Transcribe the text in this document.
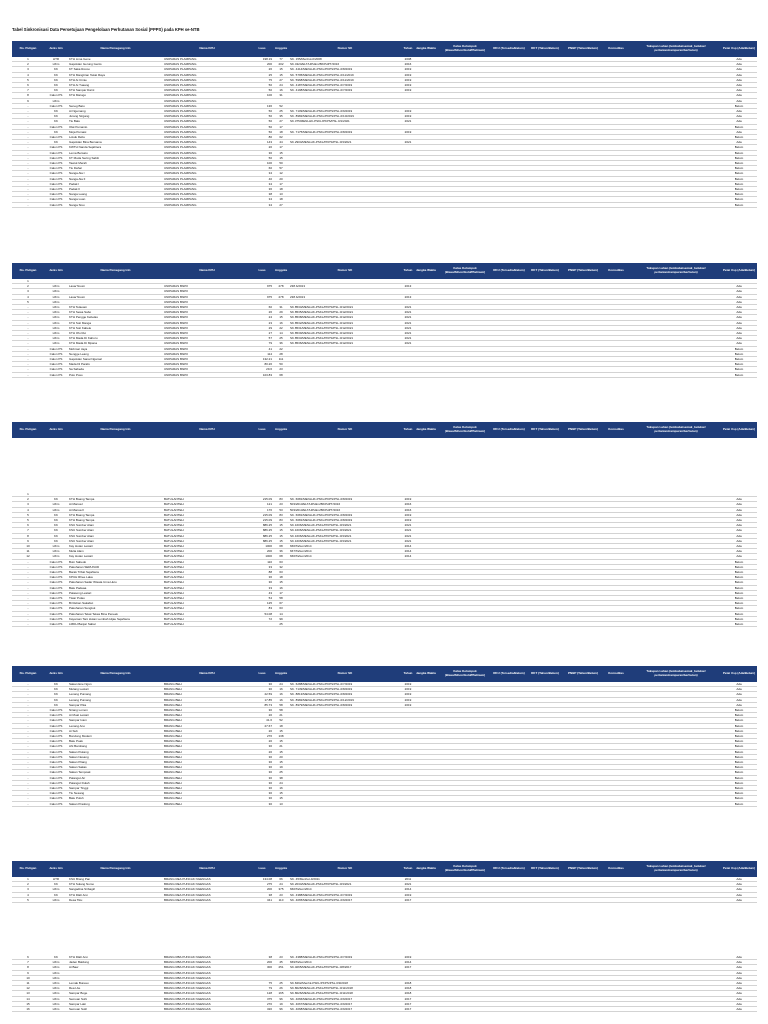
Tabel Sinkronisasi Data Persetujuan Pengelolaan Perhutanan Sosial (PPPS) pada KPH se-NTB
No. Putigan	Jenis Izin	Nama Pemegang Izin	Nama KPH	Luas	Anggota	Nomor SK	Tahun	Jangka Waktu	Kelas Kelompok (Biasa/Sihon/Gold/Platinum)	RKU (Tersedia/Belum)	RKT (Tahun/Belum)	PNBP (Tahun/Belum)	Komoditas	Tukupan Lahan (lembaba/semak_belukar/ pertanian/campuran/berhutan)	Peta/ Usp (Ada/Belum)
1	HTR	KTH Lima Gene	UNIPARAS PLAMPANG	198.19	77	SK. 155/Menhut-II/2008	2008								Ada
2	HKm	Gapoktan Gerung Gents	UNIPARAS PLAMPANG	200	202	SK.4324/ELT/HPHkm/BKPHPT/2016	2016								Ada
3	KK	KT Saka Rocoo	UNIPARAS PLAMPANG	26	15	SK. 4414/MENLHK-PSKL/PKPS/PSL.0/8/2019	2019								Ada
4	KK	KTH Mangtiran Tekat Raya	UNIPARAS PLAMPANG	25	15	SK. 5795/MENLHK-PSKL/PKPS/PSL.0/11/2019	2019								Ada
5	KK	KTH Ai Cimie	UNIPARAS PLAMPANG	75	27	SK. 5968/MENLHK-PSKL/PKPS/PSL.0/11/2019	2019								Ada
6	KK	KTH Ai Tuaang	UNIPARAS PLAMPANG	50	24	SK. 4187/MENLHK-PSKL/PKPS/PSL.0/7/2019	2019								Ada
7	KK	KTH Sampar Darni	UNIPARAS PLAMPANG	50	16	SK. 4198/MENLHK-PSKL/PKPS/PSL.0/7/2019	2019								Ada
8	Calon PS	KTH Marugo	UNIPARAS PLAMPANG	100	31										Ada
9	HKm		UNIPARAS PLAMPANG												Ada
-	Calon PS	Seneg Batu	UNIPARAS PLAMPANG	136	52										Belum
-	KK	Ai Ngemang	UNIPARAS PLAMPANG	50	25	SK. 7109/MENLHK-PSKL/PKPS/PSL.0/9/2019	2019								Ada
-	KK	Jurang Sirgang	UNIPARAS PLAMPANG	50	35	SK. 8982/MENLHK-PSKL/PKPS/PSL.0/10/2019	2019								Ada
-	KK	Tiu Batu	UNIPARAS PLAMPANG	50	27	SK.375/MENLHK-PSKL/PKPS/PSL.0/1/2021	2021								Ada
-	Calon PS	Olat Pemanto	UNIPARAS PLAMPANG	50	17										Belum
-	KK	Moja Pemasi	UNIPARAS PLAMPANG	50	18	SK. 7175/MENLHK-PSKL/PKPS/PSL.0/8/2019	2019								Ada
-	Calon PS	Lokuk Rebu	UNIPARAS PLAMPANG	80	62										Belum
-	KK	Gapoktan Bina Bersama	UNIPARAS PLAMPANG	143	44	SK.2904/MENLHK-PSKL/PKPS/PSL.0/3/2021	2021								Ada
-	Calon PS	KWTH Nanda Sejahtera	UNIPARAS PLAMPANG	20	17										Belum
-	Calon PS	Lema Bersatu	UNIPARAS PLAMPANG	30	15										Belum
-	Calon PS	KT Muda Sering Sabiti	UNIPARAS PLAMPANG	50	15										Belum
-	Calon PS	Tawuk Merah	UNIPARAS PLAMPANG	100	50										Belum
-	Calon PS	Tiu Dahar	UNIPARAS PLAMPANG	60	57										Belum
-	Calon PS	Nanga Ala I	UNIPARAS PLAMPANG	34	12										Belum
-	Calon PS	Nanga Ala II	UNIPARAS PLAMPANG	40	20										Belum
-	Calon PS	Padak I	UNIPARAS PLAMPANG	34	17										Belum
-	Calon PS	Padak II	UNIPARAS PLAMPANG	36	18										Belum
-	Calon PS	Nanga Leang	UNIPARAS PLAMPANG	38	13										Belum
-	Calon PS	Nanga Luan	UNIPARAS PLAMPANG	34	18										Belum
-	Calon PS	Nanga Sisu	UNIPARAS PLAMPANG	34	27										Belum
No. Putigan	Jenis Izin	Nama Pemegang Izin	Nama KPH	Luas	Anggota	Nomor SK	Tahun	Jangka Waktu	Kelas Kelompok (Biasa/Sihon/Gold/Platinum)	RKU (Tersedia/Belum)	RKT (Tahun/Belum)	PNBP (Tahun/Belum)	Komoditas	Tukupan Lahan (lembaba/semak_belukar/ pertanian/campuran/berhutan)	Peta/ Usp (Ada/Belum)
1															
2	HKm	Lasa/ Nuum	UNIPARAS BIWO	975	278	238.b/2013	2013								Ada
3	HKm		UNIPARAS BIWO												Ada
4	HKm	Lasa/ Nuum	UNIPARAS BIWO	975	278	238.b/2013	2013								Ada
5	HKm		UNIPARAS BIWO												Ada
-	HKm	KTH Telaoam	UNIPARAS BIWO	60	31	SK.8534/MENLHK-PSKL/PKPS/PSL.0/12/2021	2021								Ada
-	HKm	KTH Sewa Sabo	UNIPARAS BIWO	26	29	SK.8535/MENLHK-PSKL/PKPS/PSL.0/12/2021	2021								Ada
-	HKm	KTH Pengge Kebelas	UNIPARAS BIWO	24	15	SK.8538/MENLHK-PSKL/PKPS/PSL.0/12/2021	2021								Ada
-	HKm	KTH Soit Manga	UNIPARAS BIWO	23	16	SK.8532/MENLHK-PSKL/PKPS/PSL.0/12/2021	2021								Ada
-	HKm	KTH Soit Kabele	UNIPARAS BIWO	29	22	SK.8531/MENLHK-PSKL/PKPS/PSL.0/12/2021	2021								Ada
-	HKm	KTH Ofu Rui	UNIPARAS BIWO	27	14	SK.8539/MENLHK-PSKL/PKPS/PSL.0/12/2021	2021								Ada
-	HKm	KTH Mada Di Kahuru	UNIPARAS BIWO	57	25	SK.8533/MENLHK-PSKL/PKPS/PSL.0/12/2021	2021								Ada
-	HKm	KTH Mada Di Mpana	UNIPARAS BIWO	79	36	SK.8536/MENLHK-PSKL/PKPS/PSL.0/12/2021	2021								Ada
-	Calon PS	Mobmar Jaya	UNIPARAS BIWO	41	22										Belum
-	Calon PS	Nengge Leang	UNIPARAS BIWO	114	28										Belum
-	Calon PS	Gapoktan Sanai Ngamal	UNIPARAS BIWO	132.21	111										Belum
-	Calon PS	Mada Di Parafu	UNIPARAS BIWO	80.26	50										Belum
-	Calon PS	Sa Sabeda	UNIPARAS BIWO	29.6	23										Belum
-	Calon PS	Polo Poso	UNIPARAS BIWO	103.83	68										Belum
No. Putigan	Jenis Izin	Nama Pemegang Izin	Nama KPH	Luas	Anggota	Nomor SK	Tahun	Jangka Waktu	Kelas Kelompok (Biasa/Sihon/Gold/Platinum)	RKU (Tersedia/Belum)	RKT (Tahun/Belum)	PNBP (Tahun/Belum)	Komoditas	Tukupan Lahan (lembaba/semak_belukar/ pertanian/campuran/berhutan)	Peta/ Usp (Ada/Belum)

1															
2	KK	KTH Boang Tampa	BATULANTEH	215.09	83	SK. 6681/MENLHK-PSKL/PKPS/PSL.0/8/2019	2019								Ada
3	HKm	Ai Mansa I	BATULANTEH	121	23	503/2013/ELT/HPHkm/BKPHPT/2016	2016								Ada
4	HKm	Ai Mansa II	BATULANTEH	176	53	503/2013/ELT/HPHkm/BKPHPT/2016	2016								Ada
5	KK	KTH Boang Tampa	BATULANTEH	215.09	83	SK. 6681/MENLHK-PSKL/PKPS/PSL.0/8/2019	2019								Ada
5	KK	KTH Boang Tampa	BATULANTEH	215.09	83	SK. 6681/MENLHK-PSKL/PKPS/PSL.0/8/2019	2019								Ada
6	KK	KSU Sumber Alam	BATULANTEH	886.25	15	SK.1606/MENLHK-PSKL/PKPS/PSL.0/3/2021	2021								Ada
7	KK	KSU Sumber Alam	BATULANTEH	886.25	15	SK.1606/MENLHK-PSKL/PKPS/PSL.0/3/2021	2021								Ada
8	KK	KSU Sumber Alam	BATULANTEH	886.25	15	SK.1606/MENLHK-PSKL/PKPS/PSL.0/3/2021	2021								Ada
9	KK	KSU Sumber Alam	BATULANTEH	886.25	15	SK.1606/MENLHK-PSKL/PKPS/PSL.0/3/2021	2021								Ada
10	HKm	Kay Hutan Lestari	BATULANTEH	1000	68	666/Tahun/2014	2014								Ada
11	HKm	Mulia Alam	BATULANTEH	200	36	667/Tahun/2014	2014								Ada
12	HKm	Kay Hutan Lestari	BATULANTEH	1000	68	666/Tahun/2014	2014								Ada
-	Calon PS	Buin Sabedo	BATULANTEH	110	63										Belum
-	Calon PS	Pakuharan SERUNUD	BATULANTEH	33	32										Belum
-	Calon PS	Barak Tribat Sejahtera	BATULANTEH	88	63										Belum
-	Calon PS	KPUH Rhee Laka	BATULANTEH	36	18										Belum
-	Calon PS	Pakuharan Sadar Wisata Uma Hutu	BATULANTEH	30	15										Belum
-	Calon PS	Batu Padeaa	BATULANTEH	33	16										Belum
-	Calon PS	Palasong Lestari	BATULANTEH	43	17										Belum
-	Calon PS	Tiwar Pulau	BATULANTEH	54	58										Belum
-	Calon PS	Bi Reban Sakabut	BATULANTEH	125	67										Belum
-	Calon PS	Pakuharan Sungkut	BATULANTEH	83	63										Belum
-	Calon PS	Pakuharan Tekat Tekas Bina Peneek	BATULANTEH	54.08	14										Belum
-	Calon PS	Kayaman Tani Hutan Lembah Hijau Sejahtera	BATULANTEH	72	99										Belum
-	Calon PS	LMDH Banjar Sabar	BATULANTEH		25										Belum
No. Putigan	Jenis Izin	Nama Pemegang Izin	Nama KPH	Luas	Anggota	Nomor SK	Tahun	Jangka Waktu	Kelas Kelompok (Biasa/Sihon/Gold/Platinum)	RKU (Tersedia/Belum)	RKT (Tahun/Belum)	PNBP (Tahun/Belum)	Komoditas	Tukupan Lahan (lembaba/semak_belukar/ pertanian/campuran/berhutan)	Peta/ Usp (Ada/Belum)
-	KK	Sakan Ene Ngsn	BRANG BEH	30	24	SK. 6288/MENLHK-PSKL/PKPS/PSL.0/7/2019	2019								Ada
-	KK	Mulang Lestari	BRANG BEH	30	16	SK. 7139/MENLHK-PSKL/PKPS/PSL.0/8/2019	2019								Ada
-	KK	Lenang Pumang	BRANG BEH	22.59	16	SK. 8813/MENLHK-PSKL/PKPS/PSL.0/8/2019	2019								Ada
-	KK	Lenang Pumang	BRANG BEH	17.85	16	SK. 8982/MENLHK-PSKL/PKPS/PSL.0/12/2019	2019								Ada
-	KK	Sampar Pika	BRANG BEH	85.73	58	SK. 8979/MENLHK-PSKL/PKPS/PSL.0/8/2019	2019								Ada
-	Calon PS	Nirang Lomon	BRANG BEH	30	58										Belum
-	Calon PS	Ai Mual Lestari	BRANG BEH	20	21										Belum
-	Calon PS	Sampar Ivam	BRANG BEH	41.6	52										Belum
-	Calon PS	Lenang Ano	BRANG BEH	27.67	18										Belum
-	Calon PS	Ai Sub	BRANG BEH	20	15										Belum
-	Calon PS	Bondong Modern	BRANG BEH	276	138										Belum
-	Calon PS	Batu Poak	BRANG BEH	20	15										Belum
-	Calon PS	Ahi Bambang	BRANG BEH	30	21										Belum
-	Calon PS	Sakan Pukang	BRANG BEH	20	15										Belum
-	Calon PS	Sakan Nesang	BRANG BEH	30	20										Belum
-	Calon PS	Sakan Pitang	BRANG BEH	30	15										Belum
-	Calon PS	Sakan Sakas	BRANG BEH	30	19										Belum
-	Calon PS	Sakan Tempoak	BRANG BEH	30	25										Belum
-	Calon PS	Palangut Air	BRANG BEH	30	38										Belum
-	Calon PS	Palangut Dulah	BRANG BEH	30	24										Belum
-	Calon PS	Sampar Tinggi	BRANG BEH	30	16										Belum
-	Calon PS	Tiu Nesang	BRANG BEH	30	15										Belum
-	Calon PS	Batu Puluh	BRANG BEH	30	15										Belum
-	Calon PS	Sakan Pradong	BRANG BEH	30	13										Belum
No. Putigan	Jenis Izin	Nama Pemegang Izin	Nama KPH	Luas	Anggota	Nomor SK	Tahun	Jangka Waktu	Kelas Kelompok (Biasa/Sihon/Gold/Platinum)	RKU (Tersedia/Belum)	RKT (Tahun/Belum)	PNBP (Tahun/Belum)	Komoditas	Tukupan Lahan (lembaba/semak_belukar/ pertanian/campuran/berhutan)	Peta/ Usp (Ada/Belum)
1	HTR	KSU Brang Pan	BRANG REA PUNCAK NGENGAS	134.08	66	SK. 45/Menhut-II/2011	2011								Ada
2	KK	KTH Sulang Numo	BRANG REA PUNCAK NGENGAS	275	24	SK.2034/MENLHK-PSKL/PKPS/PSL.0/3/2021	2021								Ada
3	HKm	Sangadina Sribagiri	BRANG REA PUNCAK NGENGAS	200	375	660/Tahun/2014	2014								Ada
4	KK	KTH Dlah Ann	BRANG REA PUNCAK NGENGAS	38	23	SK. 4388/MENLHK-PSKL/PKPS/PSL.0/7/2019	2019								Ada
5	HKm	Desa Tiku	BRANG REA PUNCAK NGENGAS	341	110	SK. 4065/MENLHK-PSKL/PKPS/PSL.0/9/2017	2017								Ada
6	KK	KTH Dlah Ann	BRANG RBA PUNCAK NGENGAS	38	23	SK. 4388/MENLHK-PSKL/PKPS/PSL.0/7/2019	2019								Ada
7	HKm	Jaden Baldung	BRANG RBA PUNCAK NGENGAS	200	45	669/Tahun/2014	2014								Ada
8	HKm	Ai Baw	BRANG RBA PUNCAK NGENGAS	300	251	SK.4065/MENLHK-PSKL/PKPS/PSL.0/8/2017	2017								Ada
9	HKm		BRANG RBA PUNCAK NGENGAS												Ada
10	HKm		BRANG RBA PUNCAK NGENGAS												Ada
11	HKm	Lemak Bureau	BRANG RBA PUNCAK NGENGAS	75	25	SK.8492/Menhk-PSKL/PKPS/PSL.0/9/2018	2018								Ada
12	HKm	Rea Lbe	BRANG RBA PUNCAK NGENGAS	79	26	SK.8028/MENLHK-PSKL/PKPS/PSL.0/11/2018	2018								Ada
13	HKm	Sampar Boge	BRANG RBA PUNCAK NGENGAS	128	165	SK.8026/MENLHK-PSKL/PKPS/PSL.0/11/2018	2018								Ada
14	HKm	Semoan Suhi	BRANG RBA PUNCAK NGENGAS	375	96	SK. 4066/MENLHK-PSKL/PKPS/PSL.0/9/2017	2017								Ada
15	HKm	Sampar Laki	BRANG RBA PUNCAK NGENGAS	270	19	SK. 4067/MENLHK-PSKL/PKPS/PSL.0/9/2017	2017								Ada
16	HKm	Semoan Sutil	BRANG RBA PUNCAK NGENGAS	320	96	SK. 4068/MENLHK-PSKL/PKPS/PSL.0/9/2017	2017								Ada
